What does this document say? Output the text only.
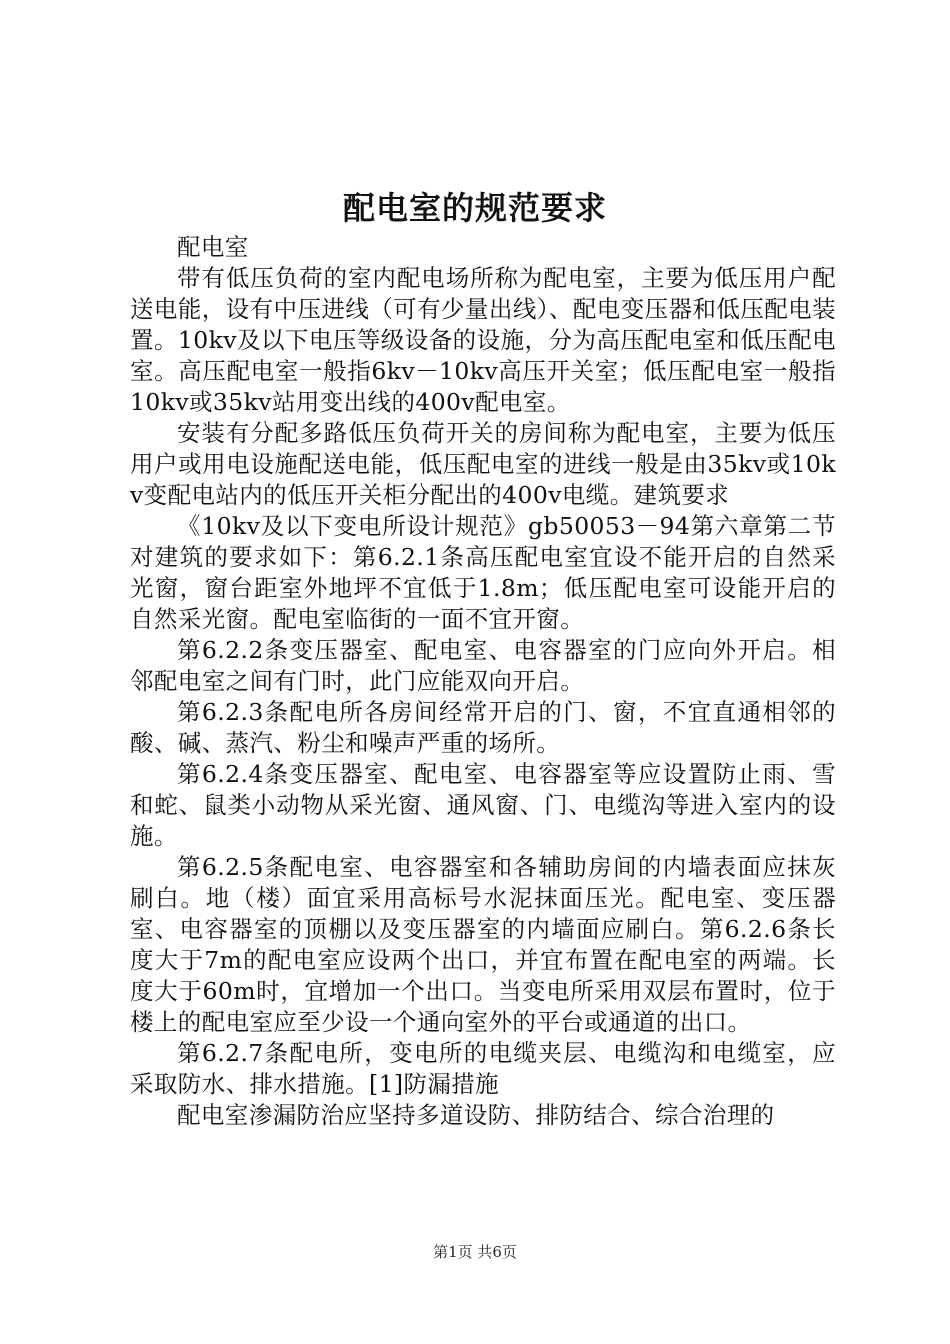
配电室的规范要求

配电室

带有低压负荷的室内配电场所称为配电室，主要为低压用户配送电能，设有中压进线（可有少量出线）、配电变压器和低压配电装置。10kv及以下电压等级设备的设施，分为高压配电室和低压配电室。高压配电室一般指6kv－10kv高压开关室；低压配电室一般指10kv或35kv站用变出线的400v配电室。

安装有分配多路低压负荷开关的房间称为配电室，主要为低压用户或用电设施配送电能，低压配电室的进线一般是由35kv或10kv变配电站内的低压开关柜分配出的400v电缆。建筑要求

《10kv及以下变电所设计规范》gb50053－94第六章第二节对建筑的要求如下：第6.2.1条高压配电室宜设不能开启的自然采光窗，窗台距室外地坪不宜低于1.8m；低压配电室可设能开启的自然采光窗。配电室临街的一面不宜开窗。

第6.2.2条变压器室、配电室、电容器室的门应向外开启。相邻配电室之间有门时，此门应能双向开启。

第6.2.3条配电所各房间经常开启的门、窗，不宜直通相邻的酸、碱、蒸汽、粉尘和噪声严重的场所。

第6.2.4条变压器室、配电室、电容器室等应设置防止雨、雪和蛇、鼠类小动物从采光窗、通风窗、门、电缆沟等进入室内的设施。

第6.2.5条配电室、电容器室和各辅助房间的内墙表面应抹灰刷白。地（楼）面宜采用高标号水泥抹面压光。配电室、变压器室、电容器室的顶棚以及变压器室的内墙面应刷白。第6.2.6条长度大于7m的配电室应设两个出口，并宜布置在配电室的两端。长度大于60m时，宜增加一个出口。当变电所采用双层布置时，位于楼上的配电室应至少设一个通向室外的平台或通道的出口。

第6.2.7条配电所，变电所的电缆夹层、电缆沟和电缆室，应采取防水、排水措施。[1]防漏措施

配电室渗漏防治应坚持多道设防、排防结合、综合治理的

第1页 共6页
